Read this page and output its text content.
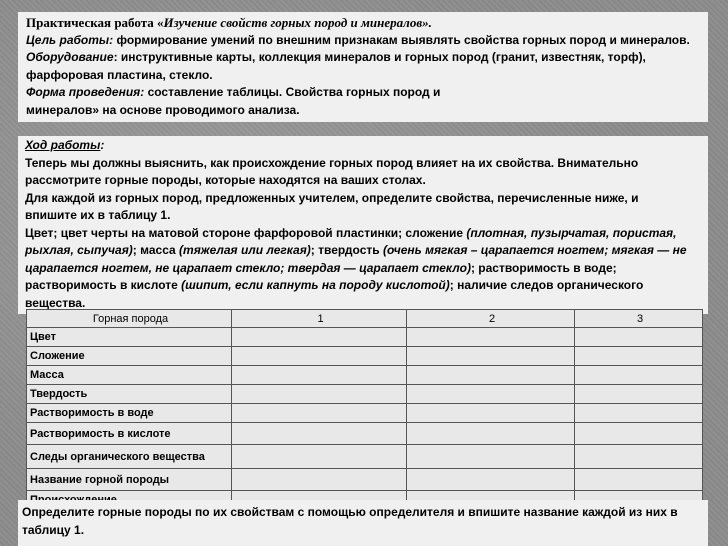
Практическая работа «Изучение свойств горных пород и минералов».
Цель работы: формирование умений по внешним признакам выявлять свойства горных пород и минералов.
Оборудование: инструктивные карты, коллекция минералов и горных пород (гранит, известняк, торф),
фарфоровая пластина, стекло.
Форма проведения: составление таблицы. Свойства горных пород и
минералов» на основе проводимого анализа.
Ход работы:
Теперь мы должны выяснить, как происхождение горных пород влияет на их свойства. Внимательно
рассмотрите горные породы, которые находятся на ваших столах.
Для каждой из горных пород, предложенных учителем, определите свойства, перечисленные ниже, и
впишите их в таблицу 1.
Цвет; цвет черты на матовой стороне фарфоровой пластинки; сложение (плотная, пузырчатая, пористая,
рыхлая, сыпучая); масса (тяжелая или легкая); твердость (очень мягкая – царапается ногтем; мягкая — не
царапается ногтем, не царапает стекло; твердая — царапает стекло); растворимость в воде;
растворимость в кислоте (шипит, если капнуть на породу кислотой); наличие следов органического
вещества.
Горная порода	1	2	3
Цвет			
Сложение			
Масса			
Твердость			
Растворимость в воде			
Растворимость в кислоте			
Следы органического вещества			
Название горной породы			

Определите горные породы по их свойствам с помощью определителя и впишите название каждой из них в
таблицу 1.
